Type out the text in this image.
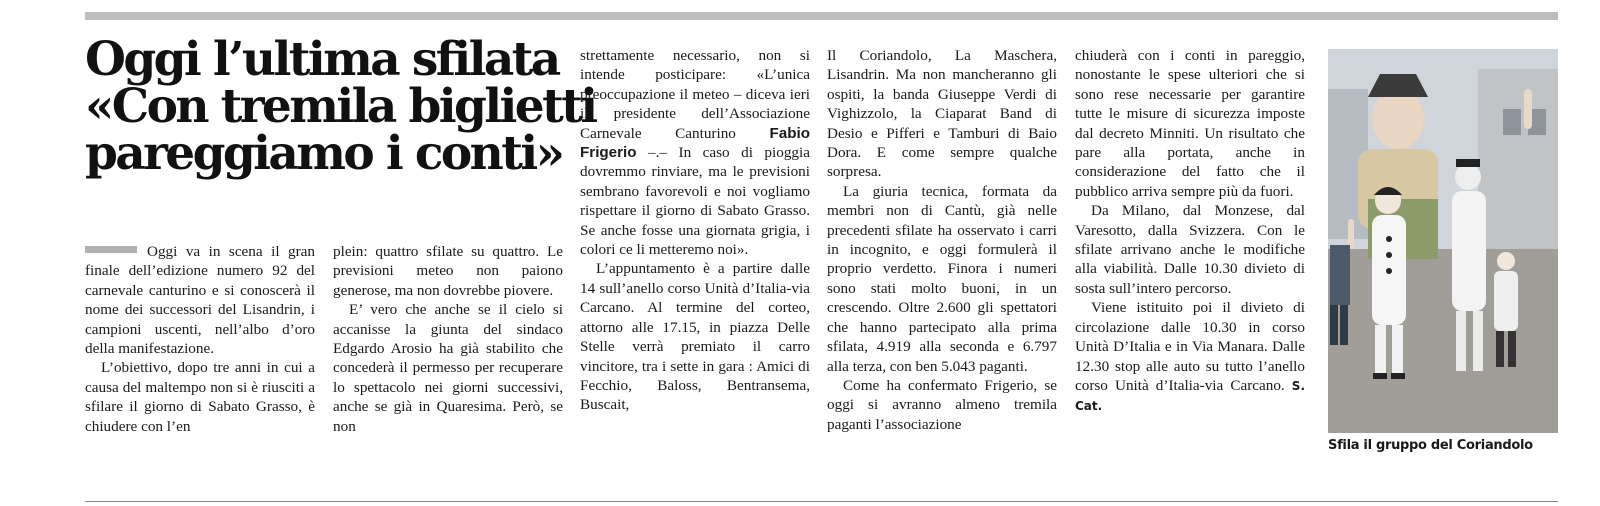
Oggi l’ultima sfilata
«Con tremila biglietti
pareggiamo i conti»

Oggi va in scena il gran finale dell’edizione numero 92 del carnevale canturino e si conoscerà il nome dei successori del Lisandrin, i campioni uscenti, nell’albo d’oro della manifestazione.

L’obiettivo, dopo tre anni in cui a causa del maltempo non si è riusciti a sfilare il giorno di Sabato Grasso, è chiudere con l’en

plein: quattro sfilate su quattro. Le previsioni meteo non paiono generose, ma non dovrebbe piovere.

E’ vero che anche se il cielo si accanisse la giunta del sindaco Edgardo Arosio ha già stabilito che concederà il permesso per recuperare lo spettacolo nei giorni successivi, anche se già in Quaresima. Però, se non

strettamente necessario, non si intende posticipare: «L’unica preoccupazione il meteo – diceva ieri il presidente dell’Associazione Carnevale Canturino Fabio Frigerio –.– In caso di pioggia dovremmo rinviare, ma le previsioni sembrano favorevoli e noi vogliamo rispettare il giorno di Sabato Grasso. Se anche fosse una giornata grigia, i colori ce li metteremo noi».

L’appuntamento è a partire dalle 14 sull’anello corso Unità d’Italia-via Carcano. Al termine del corteo, attorno alle 17.15, in piazza Delle Stelle verrà premiato il carro vincitore, tra i sette in gara : Amici di Fecchio, Baloss, Bentransema, Buscait,

Il Coriandolo, La Maschera, Lisandrin. Ma non mancheranno gli ospiti, la banda Giuseppe Verdi di Vighizzolo, la Ciaparat Band di Desio e Pifferi e Tamburi di Baio Dora. E come sempre qualche sorpresa.

La giuria tecnica, formata da membri non di Cantù, già nelle precedenti sfilate ha osservato i carri in incognito, e oggi formulerà il proprio verdetto. Finora i numeri sono stati molto buoni, in un crescendo. Oltre 2.600 gli spettatori che hanno partecipato alla prima sfilata, 4.919 alla seconda e 6.797 alla terza, con ben 5.043 paganti.

Come ha confermato Frigerio, se oggi si avranno almeno tremila paganti l’associazione

chiuderà con i conti in pareggio, nonostante le spese ulteriori che si sono rese necessarie per garantire tutte le misure di sicurezza imposte dal decreto Minniti. Un risultato che pare alla portata, anche in considerazione del fatto che il pubblico arriva sempre più da fuori.

Da Milano, dal Monzese, dal Varesotto, dalla Svizzera. Con le sfilate arrivano anche le modifiche alla viabilità. Dalle 10.30 divieto di sosta sull’intero percorso.

Viene istituito poi il divieto di circolazione dalle 10.30 in corso Unità D’Italia e in Via Manara. Dalle 12.30 stop alle auto su tutto l’anello corso Unità d’Italia-via Carcano. S. Cat.

Sfila il gruppo del Coriandolo
